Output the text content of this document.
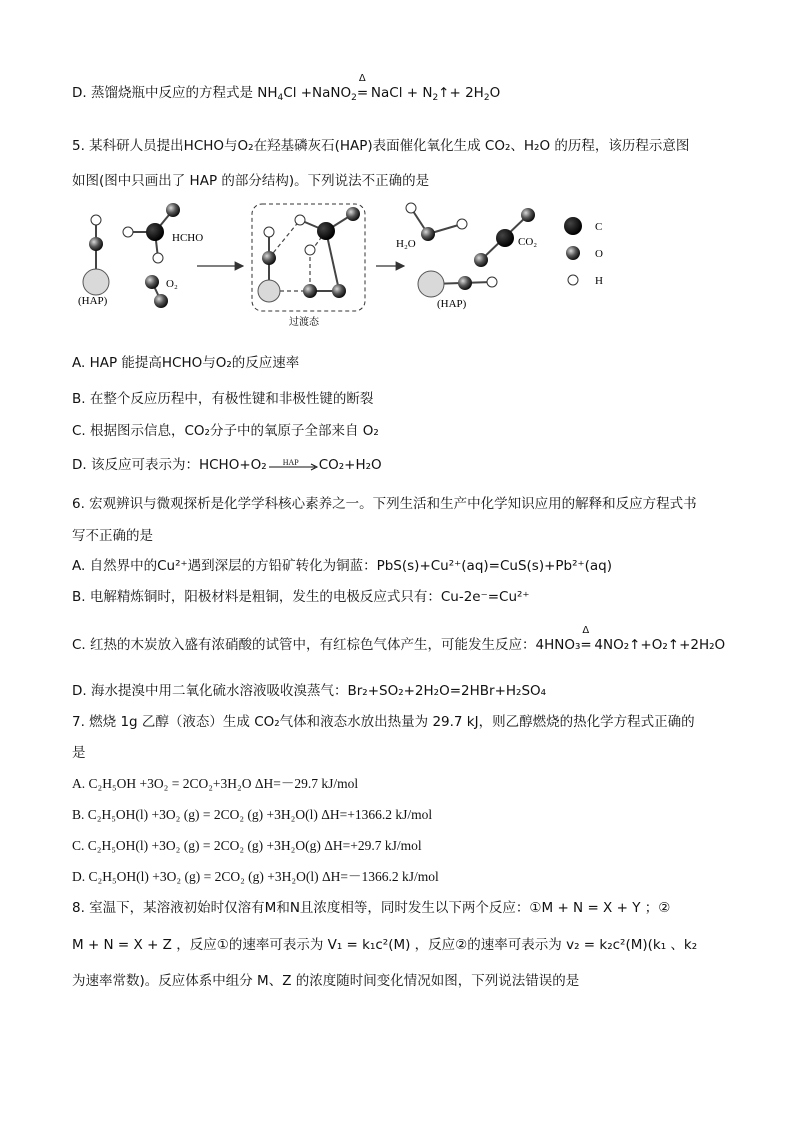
D. 蒸馏烧瓶中反应的方程式是 $NH_4Cl$ +NaNO$_2$
Δ
= NaCl + $N_2↑+ 2H_2O$
5. 某科研人员提出HCHO与O₂在羟基磷灰石(HAP)表面催化氧化生成 CO₂、H₂O 的历程，该历程示意图
如图(图中只画出了 HAP 的部分结构)。下列说法不正确的是
C
O
H
HCHO
O₂
(HAP)
过渡态
H₂O	CO₂
(HAP)
A. HAP 能提高HCHO与O₂的反应速率
B. 在整个反应历程中，有极性键和非极性键的断裂
C. 根据图示信息，CO₂分子中的氧原子全部来自 O₂
D. 该反应可表示为：HCHO+O₂ HAP CO₂+H₂O
6. 宏观辨识与微观探析是化学学科核心素养之一。下列生活和生产中化学知识应用的解释和反应方程式书
写不正确的是
A. 自然界中的Cu²⁺遇到深层的方铅矿转化为铜蓝：PbS(s)+Cu²⁺(aq)=CuS(s)+Pb²⁺(aq)
B. 电解精炼铜时，阳极材料是粗铜，发生的电极反应式只有：Cu-2e⁻=Cu²⁺
C. 红热的木炭放入盛有浓硝酸的试管中，有红棕色气体产生，可能发生反应：4HNO₃
Δ
= 4NO₂↑+O₂↑+2H₂O
D. 海水提溴中用二氧化硫水溶液吸收溴蒸气：Br₂+SO₂+2H₂O=2HBr+H₂SO₄
7. 燃烧 1g 乙醇（液态）生成 CO₂气体和液态水放出热量为 29.7 kJ，则乙醇燃烧的热化学方程式正确的
是
A. C₂H₅OH +3O₂ = 2CO₂+3H₂O ΔH=－29.7 kJ/mol
B. C₂H₅OH(l) +3O₂ (g) = 2CO₂ (g) +3H₂O(l) ΔH=+1366.2 kJ/mol
C. C₂H₅OH(l) +3O₂ (g) = 2CO₂ (g) +3H₂O(g) ΔH=+29.7 kJ/mol
D. C₂H₅OH(l) +3O₂ (g) = 2CO₂ (g) +3H₂O(l) ΔH=－1366.2 kJ/mol
8. 室温下，某溶液初始时仅溶有M和N且浓度相等，同时发生以下两个反应：①M + N = X + Y ；②
M + N = X + Z ，反应①的速率可表示为 V₁ = k₁c²(M) ，反应②的速率可表示为 v₂ = k₂c²(M)(k₁ 、k₂
为速率常数)。反应体系中组分 M、Z 的浓度随时间变化情况如图，下列说法错误的是
